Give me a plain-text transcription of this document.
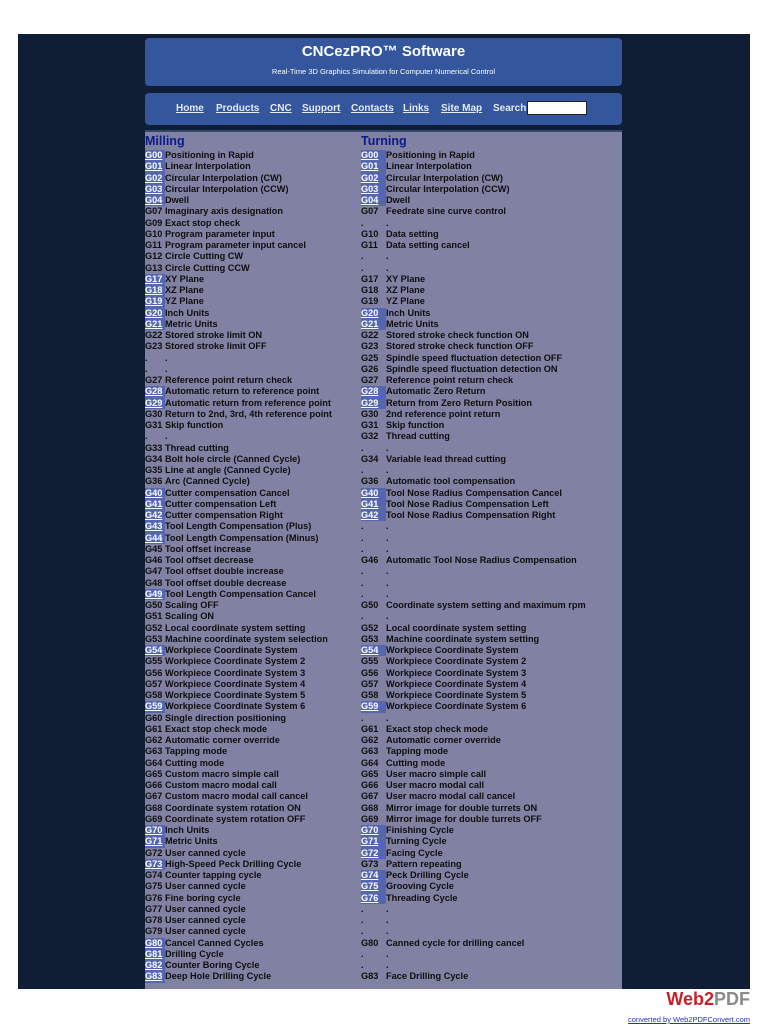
CNCezPRO™ Software
Real-Time 3D Graphics Simulation for Computer Numerical Control
Home Products CNC Support Contacts Links Site Map Search
Milling
G00 Positioning in Rapid
G01 Linear Interpolation
G02 Circular Interpolation (CW)
G03 Circular Interpolation (CCW)
G04 Dwell
G07 Imaginary axis designation
G09 Exact stop check
G10 Program parameter input
G11 Program parameter input cancel
G12 Circle Cutting CW
G13 Circle Cutting CCW
G17 XY Plane
G18 XZ Plane
G19 YZ Plane
G20 Inch Units
G21 Metric Units
G22 Stored stroke limit ON
G23 Stored stroke limit OFF
. .
. .
G27 Reference point return check
G28 Automatic return to reference point
G29 Automatic return from reference point
G30 Return to 2nd, 3rd, 4th reference point
G31 Skip function
. .
G33 Thread cutting
G34 Bolt hole circle (Canned Cycle)
G35 Line at angle (Canned Cycle)
G36 Arc (Canned Cycle)
G40 Cutter compensation Cancel
G41 Cutter compensation Left
G42 Cutter compensation Right
G43 Tool Length Compensation (Plus)
G44 Tool Length Compensation (Minus)
G45 Tool offset increase
G46 Tool offset decrease
G47 Tool offset double increase
G48 Tool offset double decrease
G49 Tool Length Compensation Cancel
G50 Scaling OFF
G51 Scaling ON
G52 Local coordinate system setting
G53 Machine coordinate system selection
G54 Workpiece Coordinate System
G55 Workpiece Coordinate System 2
G56 Workpiece Coordinate System 3
G57 Workpiece Coordinate System 4
G58 Workpiece Coordinate System 5
G59 Workpiece Coordinate System 6
G60 Single direction positioning
G61 Exact stop check mode
G62 Automatic corner override
G63 Tapping mode
G64 Cutting mode
G65 Custom macro simple call
G66 Custom macro modal call
G67 Custom macro modal call cancel
G68 Coordinate system rotation ON
G69 Coordinate system rotation OFF
G70 Inch Units
G71 Metric Units
G72 User canned cycle
G73 High-Speed Peck Drilling Cycle
G74 Counter tapping cycle
G75 User canned cycle
G76 Fine boring cycle
G77 User canned cycle
G78 User canned cycle
G79 User canned cycle
G80 Cancel Canned Cycles
G81 Drilling Cycle
G82 Counter Boring Cycle
G83 Deep Hole Drilling Cycle
Turning
G00 Positioning in Rapid
G01 Linear Interpolation
G02 Circular Interpolation (CW)
G03 Circular Interpolation (CCW)
G04 Dwell
G07 Feedrate sine curve control
. .
G10 Data setting
G11 Data setting cancel
. .
. .
G17 XY Plane
G18 XZ Plane
G19 YZ Plane
G20 Inch Units
G21 Metric Units
G22 Stored stroke check function ON
G23 Stored stroke check function OFF
G25 Spindle speed fluctuation detection OFF
G26 Spindle speed fluctuation detection ON
G27 Reference point return check
G28 Automatic Zero Return
G29 Return from Zero Return Position
G30 2nd reference point return
G31 Skip function
G32 Thread cutting
. .
G34 Variable lead thread cutting
. .
G36 Automatic tool compensation
G40 Tool Nose Radius Compensation Cancel
G41 Tool Nose Radius Compensation Left
G42 Tool Nose Radius Compensation Right
. .
. .
. .
G46 Automatic Tool Nose Radius Compensation
. .
. .
. .
G50 Coordinate system setting and maximum rpm
. .
G52 Local coordinate system setting
G53 Machine coordinate system setting
G54 Workpiece Coordinate System
G55 Workpiece Coordinate System 2
G56 Workpiece Coordinate System 3
G57 Workpiece Coordinate System 4
G58 Workpiece Coordinate System 5
G59 Workpiece Coordinate System 6
. .
G61 Exact stop check mode
G62 Automatic corner override
G63 Tapping mode
G64 Cutting mode
G65 User macro simple call
G66 User macro modal call
G67 User macro modal call cancel
G68 Mirror image for double turrets ON
G69 Mirror image for double turrets OFF
G70 Finishing Cycle
G71 Turning Cycle
G72 Facing Cycle
G73 Pattern repeating
G74 Peck Drilling Cycle
G75 Grooving Cycle
G76 Threading Cycle
. .
. .
. .
G80 Canned cycle for drilling cancel
. .
. .
G83 Face Drilling Cycle
Web2PDF
converted by Web2PDFConvert.com
